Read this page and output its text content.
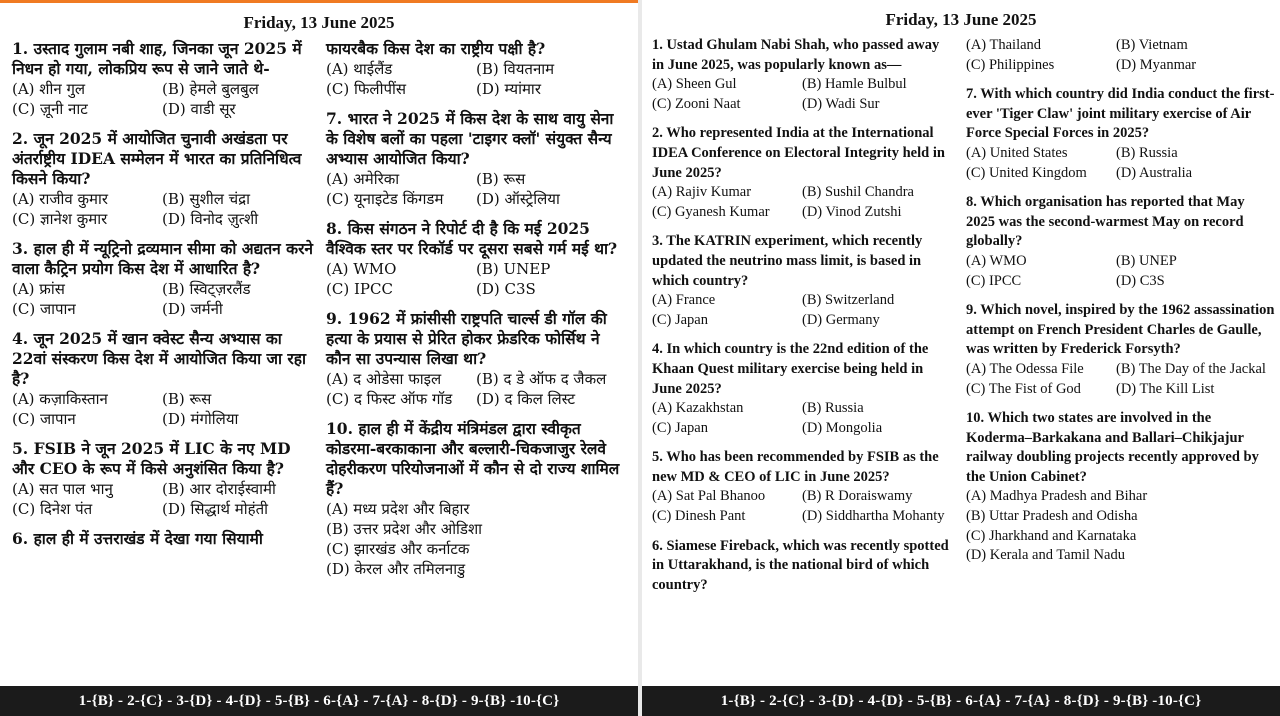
Friday, 13 June 2025
1. उस्ताद गुलाम नबी शाह, जिनका जून 2025 में निधन हो गया, लोकप्रिय रूप से जाने जाते थे-
(A) शीन गुल	(B) हेमले बुलबुल
(C) ज़ूनी नाट	(D) वाडी सूर
2. जून 2025 में आयोजित चुनावी अखंडता पर अंतर्राष्ट्रीय IDEA सम्मेलन में भारत का प्रतिनिधित्व किसने किया?
(A) राजीव कुमार	(B) सुशील चंद्रा
(C) ज्ञानेश कुमार	(D) विनोद ज़ुत्शी
3. हाल ही में न्यूट्रिनो द्रव्यमान सीमा को अद्यतन करने वाला कैट्रिन प्रयोग किस देश में आधारित है?
(A) फ्रांस	(B) स्विट्ज़रलैंड
(C) जापान	(D) जर्मनी
4. जून 2025 में खान क्वेस्ट सैन्य अभ्यास का 22वां संस्करण किस देश में आयोजित किया जा रहा है?
(A) कज़ाकिस्तान	(B) रूस
(C) जापान	(D) मंगोलिया
5. FSIB ने जून 2025 में LIC के नए MD और CEO के रूप में किसे अनुशंसित किया है?
(A) सत पाल भानु	(B) आर दोराईस्वामी
(C) दिनेश पंत	(D) सिद्धार्थ मोहंती
6. हाल ही में उत्तराखंड में देखा गया सियामी
फायरबैक किस देश का राष्ट्रीय पक्षी है?
(A) थाईलैंड	(B) वियतनाम
(C) फिलीपींस	(D) म्यांमार
7. भारत ने 2025 में किस देश के साथ वायु सेना के विशेष बलों का पहला 'टाइगर क्लॉ' संयुक्त सैन्य अभ्यास आयोजित किया?
(A) अमेरिका	(B) रूस
(C) यूनाइटेड किंगडम	(D) ऑस्ट्रेलिया
8. किस संगठन ने रिपोर्ट दी है कि मई 2025 वैश्विक स्तर पर रिकॉर्ड पर दूसरा सबसे गर्म मई था?
(A) WMO	(B) UNEP
(C) IPCC	(D) C3S
9. 1962 में फ्रांसीसी राष्ट्रपति चार्ल्स डी गॉल की हत्या के प्रयास से प्रेरित होकर फ्रेडरिक फोर्सिथ ने कौन सा उपन्यास लिखा था?
(A) द ओडेसा फाइल	(B) द डे ऑफ द जैकल
(C) द फिस्ट ऑफ गॉड	(D) द किल लिस्ट
10. हाल ही में केंद्रीय मंत्रिमंडल द्वारा स्वीकृत कोडरमा-बरकाकाना और बल्लारी-चिकजाजुर रेलवे दोहरीकरण परियोजनाओं में कौन से दो राज्य शामिल हैं?
(A) मध्य प्रदेश और बिहार
(B) उत्तर प्रदेश और ओडिशा
(C) झारखंड और कर्नाटक
(D) केरल और तमिलनाडु
1-{B} - 2-{C} - 3-{D} - 4-{D} - 5-{B} - 6-{A} - 7-{A} - 8-{D} - 9-{B} -10-{C}
Friday, 13 June 2025
1. Ustad Ghulam Nabi Shah, who passed away in June 2025, was popularly known as—
(A) Sheen Gul	(B) Hamle Bulbul
(C) Zooni Naat	(D) Wadi Sur
2. Who represented India at the International IDEA Conference on Electoral Integrity held in June 2025?
(A) Rajiv Kumar	(B) Sushil Chandra
(C) Gyanesh Kumar	(D) Vinod Zutshi
3. The KATRIN experiment, which recently updated the neutrino mass limit, is based in which country?
(A) France	(B) Switzerland
(C) Japan	(D) Germany
4. In which country is the 22nd edition of the Khaan Quest military exercise being held in June 2025?
(A) Kazakhstan	(B) Russia
(C) Japan	(D) Mongolia
5. Who has been recommended by FSIB as the new MD & CEO of LIC in June 2025?
(A) Sat Pal Bhanoo	(B) R Doraiswamy
(C) Dinesh Pant	(D) Siddhartha Mohanty
6. Siamese Fireback, which was recently spotted in Uttarakhand, is the national bird of which country?
(A) Thailand	(B) Vietnam
(C) Philippines	(D) Myanmar
7. With which country did India conduct the first-ever 'Tiger Claw' joint military exercise of Air Force Special Forces in 2025?
(A) United States	(B) Russia
(C) United Kingdom	(D) Australia
8. Which organisation has reported that May 2025 was the second-warmest May on record globally?
(A) WMO	(B) UNEP
(C) IPCC	(D) C3S
9. Which novel, inspired by the 1962 assassination attempt on French President Charles de Gaulle, was written by Frederick Forsyth?
(A) The Odessa File	(B) The Day of the Jackal
(C) The Fist of God	(D) The Kill List
10. Which two states are involved in the Koderma–Barkakana and Ballari–Chikjajur railway doubling projects recently approved by the Union Cabinet?
(A) Madhya Pradesh and Bihar
(B) Uttar Pradesh and Odisha
(C) Jharkhand and Karnataka
(D) Kerala and Tamil Nadu
1-{B} - 2-{C} - 3-{D} - 4-{D} - 5-{B} - 6-{A} - 7-{A} - 8-{D} - 9-{B} -10-{C}
